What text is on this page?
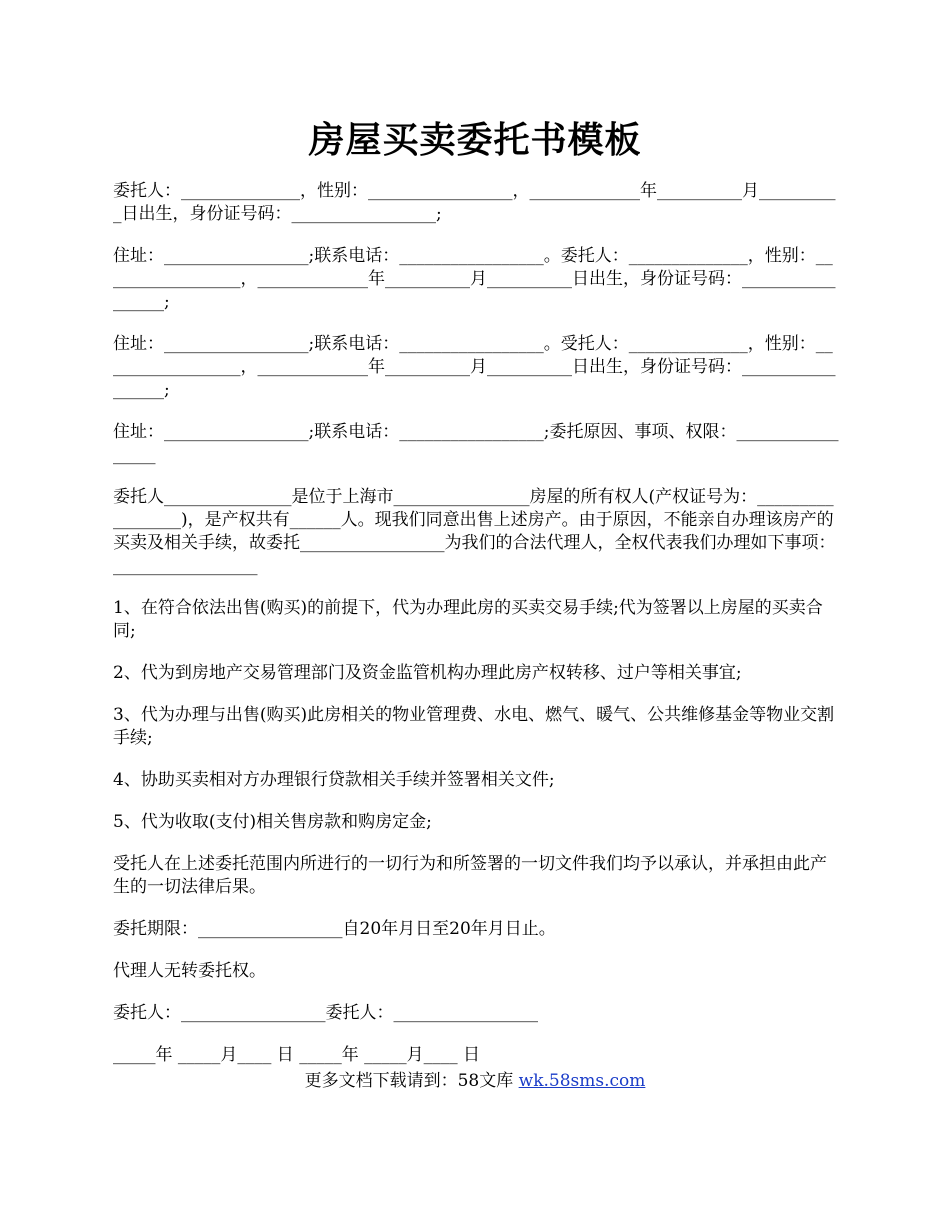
房屋买卖委托书模板

委托人：______________，性别：_________________，_____________年__________月__________日出生，身份证号码：_________________;

住址：_________________;联系电话：_________________。委托人：______________，性别：_________________，_____________年__________月__________日出生，身份证号码：_________________;

住址：_________________;联系电话：_________________。受托人：______________，性别：_________________，_____________年__________月__________日出生，身份证号码：_________________;

住址：_________________;联系电话：_________________;委托原因、事项、权限：_________________

委托人_______________是位于上海市________________房屋的所有权人(产权证号为：_________________)，是产权共有______人。现我们同意出售上述房产。由于原因，不能亲自办理该房产的买卖及相关手续，故委托_________________为我们的合法代理人，全权代表我们办理如下事项：_________________

1、在符合依法出售(购买)的前提下，代为办理此房的买卖交易手续;代为签署以上房屋的买卖合同;

2、代为到房地产交易管理部门及资金监管机构办理此房产权转移、过户等相关事宜;

3、代为办理与出售(购买)此房相关的物业管理费、水电、燃气、暖气、公共维修基金等物业交割手续;

4、协助买卖相对方办理银行贷款相关手续并签署相关文件;

5、代为收取(支付)相关售房款和购房定金;

受托人在上述委托范围内所进行的一切行为和所签署的一切文件我们均予以承认，并承担由此产生的一切法律后果。

委托期限：_________________自20年月日至20年月日止。

代理人无转委托权。

委托人：_________________委托人：_________________

_____年 _____月____ 日 _____年 _____月____ 日

更多文档下载请到：58文库 wk.58sms.com
